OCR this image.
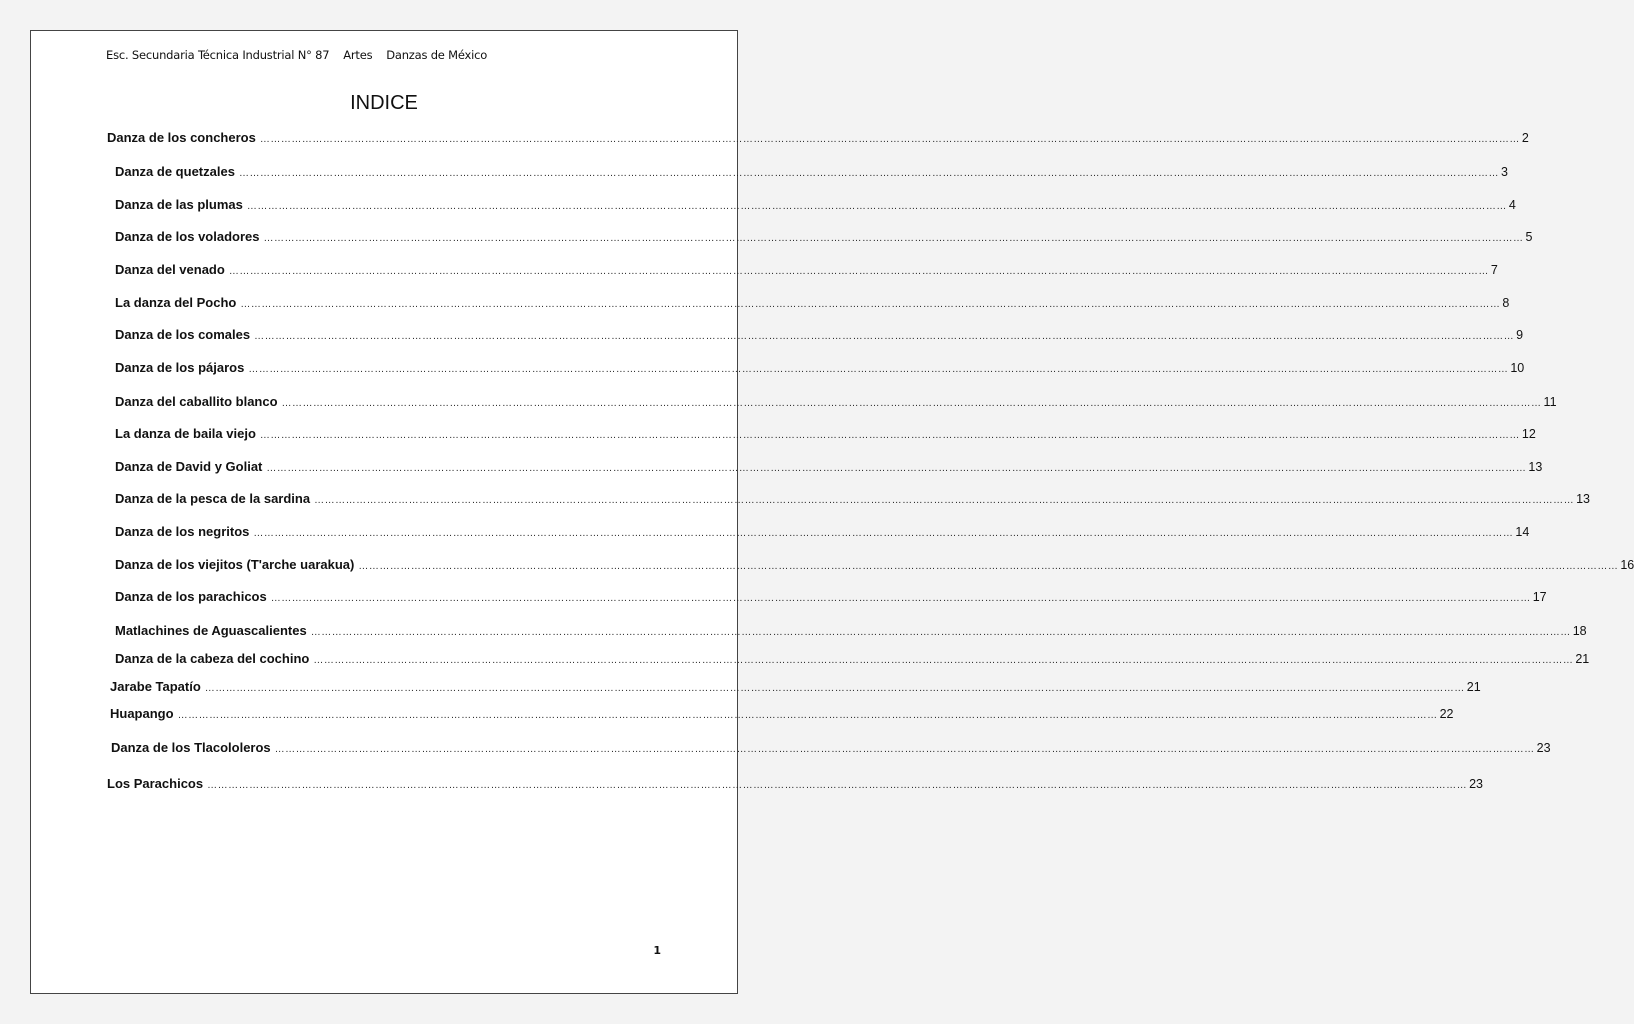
Esc. Secundaria Técnica Industrial N° 87 Artes Danzas de México
INDICE
Danza de los concheros ……………………………………………………………………………………………………………………………………………………………………………………………………………………………………………………………………………………………………………………………… 2
Danza de quetzales ……………………………………………………………………………………………………………………………………………………………………………………………………………………………………………………………………………………………………………………………… 3
Danza de las plumas ……………………………………………………………………………………………………………………………………………………………………………………………………………………………………………………………………………………………………………………………… 4
Danza de los voladores ……………………………………………………………………………………………………………………………………………………………………………………………………………………………………………………………………………………………………………………………… 5
Danza del venado ……………………………………………………………………………………………………………………………………………………………………………………………………………………………………………………………………………………………………………………………… 7
La danza del Pocho ……………………………………………………………………………………………………………………………………………………………………………………………………………………………………………………………………………………………………………………………… 8
Danza de los comales ……………………………………………………………………………………………………………………………………………………………………………………………………………………………………………………………………………………………………………………………… 9
Danza de los pájaros ……………………………………………………………………………………………………………………………………………………………………………………………………………………………………………………………………………………………………………………………… 10
Danza del caballito blanco ……………………………………………………………………………………………………………………………………………………………………………………………………………………………………………………………………………………………………………………………… 11
La danza de baila viejo ……………………………………………………………………………………………………………………………………………………………………………………………………………………………………………………………………………………………………………………………… 12
Danza de David y Goliat ……………………………………………………………………………………………………………………………………………………………………………………………………………………………………………………………………………………………………………………………… 13
Danza de la pesca de la sardina ……………………………………………………………………………………………………………………………………………………………………………………………………………………………………………………………………………………………………………………………… 13
Danza de los negritos ……………………………………………………………………………………………………………………………………………………………………………………………………………………………………………………………………………………………………………………………… 14
Danza de los viejitos (T'arche uarakua) ……………………………………………………………………………………………………………………………………………………………………………………………………………………………………………………………………………………………………………………………… 16
Danza de los parachicos ……………………………………………………………………………………………………………………………………………………………………………………………………………………………………………………………………………………………………………………………… 17
Matlachines de Aguascalientes ……………………………………………………………………………………………………………………………………………………………………………………………………………………………………………………………………………………………………………………………… 18
Danza de la cabeza del cochino ……………………………………………………………………………………………………………………………………………………………………………………………………………………………………………………………………………………………………………………………… 21
Jarabe Tapatío ……………………………………………………………………………………………………………………………………………………………………………………………………………………………………………………………………………………………………………………………… 21
Huapango ……………………………………………………………………………………………………………………………………………………………………………………………………………………………………………………………………………………………………………………………… 22
Danza de los Tlacololeros ……………………………………………………………………………………………………………………………………………………………………………………………………………………………………………………………………………………………………………………………… 23
Los Parachicos ……………………………………………………………………………………………………………………………………………………………………………………………………………………………………………………………………………………………………………………………… 23
1
